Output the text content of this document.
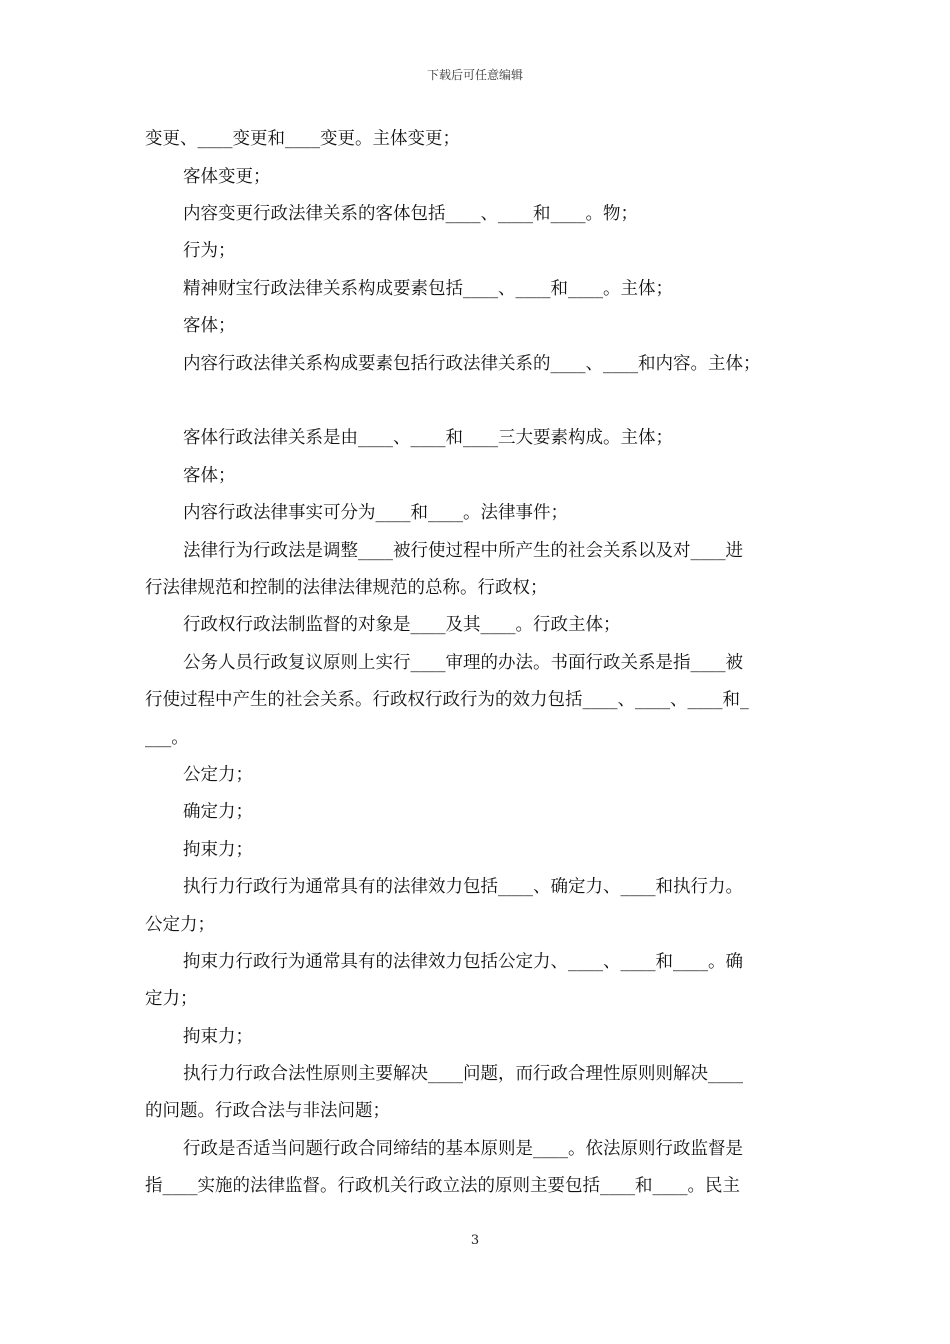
下载后可任意编辑
变更、____变更和____变更。主体变更；
客体变更；
内容变更行政法律关系的客体包括____、____和____。物；
行为；
精神财宝行政法律关系构成要素包括____、____和____。主体；
客体；
内容行政法律关系构成要素包括行政法律关系的____、____和内容。主体；
客体行政法律关系是由____、____和____三大要素构成。主体；
客体；
内容行政法律事实可分为____和____。法律事件；
法律行为行政法是调整____被行使过程中所产生的社会关系以及对____进
行法律规范和控制的法律法律规范的总称。行政权；
行政权行政法制监督的对象是____及其____。行政主体；
公务人员行政复议原则上实行____审理的办法。书面行政关系是指____被
行使过程中产生的社会关系。行政权行政行为的效力包括____、____、____和_
___。
公定力；
确定力；
拘束力；
执行力行政行为通常具有的法律效力包括____、确定力、____和执行力。
公定力；
拘束力行政行为通常具有的法律效力包括公定力、____、____和____。确
定力；
拘束力；
执行力行政合法性原则主要解决____问题，而行政合理性原则则解决____
的问题。行政合法与非法问题；
行政是否适当问题行政合同缔结的基本原则是____。依法原则行政监督是
指____实施的法律监督。行政机关行政立法的原则主要包括____和____。民主
3
